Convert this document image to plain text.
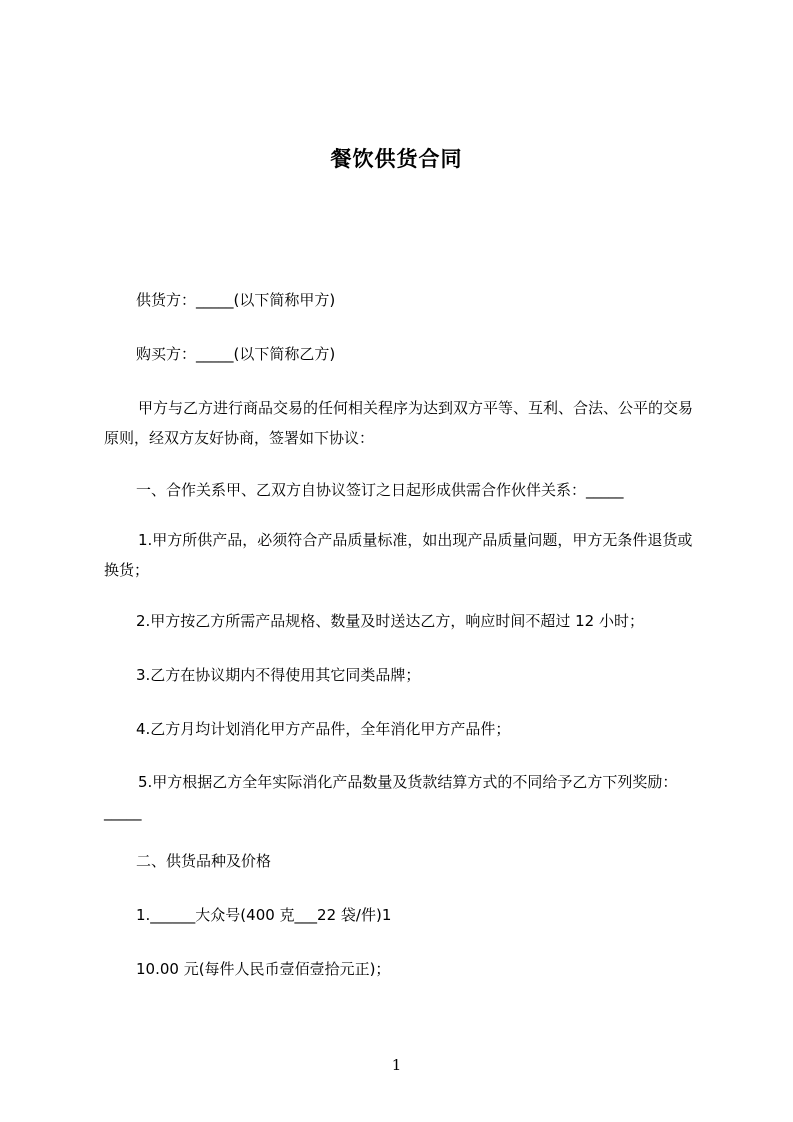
餐饮供货合同
供货方：_____(以下简称甲方)
购买方：_____(以下简称乙方)
甲方与乙方进行商品交易的任何相关程序为达到双方平等、互利、合法、公平的交易原则，经双方友好协商，签署如下协议：
一、合作关系甲、乙双方自协议签订之日起形成供需合作伙伴关系：_____
1.甲方所供产品，必须符合产品质量标准，如出现产品质量问题，甲方无条件退货或换货；
2.甲方按乙方所需产品规格、数量及时送达乙方，响应时间不超过 12 小时；
3.乙方在协议期内不得使用其它同类品牌；
4.乙方月均计划消化甲方产品件，全年消化甲方产品件；
5.甲方根据乙方全年实际消化产品数量及货款结算方式的不同给予乙方下列奖励：_____
二、供货品种及价格
1.______大众号(400 克___22 袋/件)1
10.00 元(每件人民币壹佰壹拾元正)；
1
